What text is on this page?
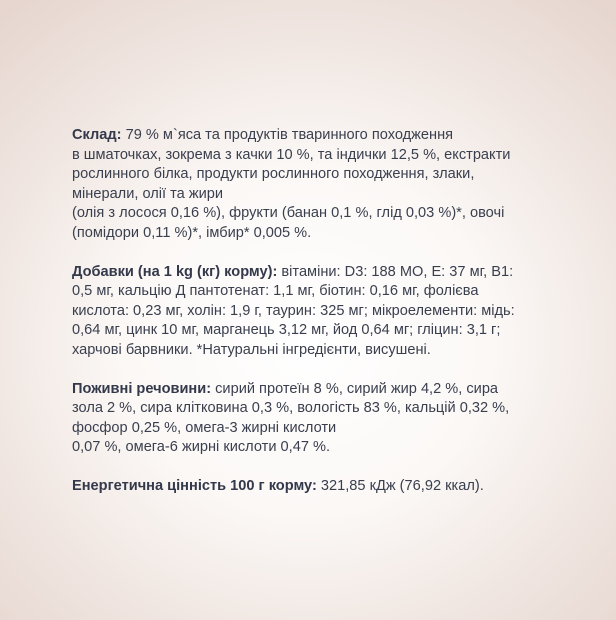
Склад: 79 % м`яса та продуктів тваринного походження
в шматочках, зокрема з качки 10 %, та індички 12,5 %, екстракти
рослинного білка, продукти рослинного походження, злаки,
мінерали, олії та жири
(олія з лосося 0,16 %), фрукти (банан 0,1 %, глід 0,03 %)*, овочі
(помідори 0,11 %)*, імбир* 0,005 %.

Добавки (на 1 kg (кг) корму): вітаміни: D3: 188 МО, Е: 37 мг, В1:
0,5 мг, кальцію Д пантотенат: 1,1 мг, біотин: 0,16 мг, фолієва
кислота: 0,23 мг, холін: 1,9 г, таурин: 325 мг; мікроелементи: мідь:
0,64 мг, цинк 10 мг, марганець 3,12 мг, йод 0,64 мг; гліцин: 3,1 г;
харчові барвники. *Натуральні інгредієнти, висушені.

Поживні речовини: сирий протеїн 8 %, сирий жир 4,2 %, сира
зола 2 %, сира клітковина 0,3 %, вологість 83 %, кальцій 0,32 %,
фосфор 0,25 %, омега-3 жирні кислоти
0,07 %, омега-6 жирні кислоти 0,47 %.

Енергетична цінність 100 г корму: 321,85 кДж (76,92 ккал).
